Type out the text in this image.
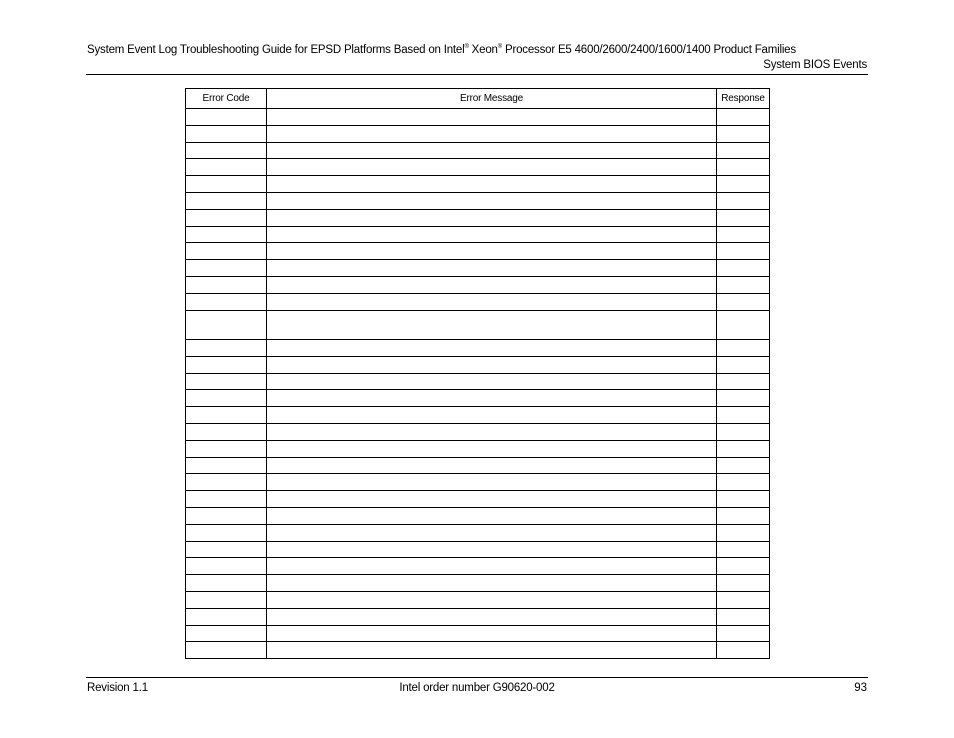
System Event Log Troubleshooting Guide for EPSD Platforms Based on Intel® Xeon® Processor E5 4600/2600/2400/1600/1400 Product Families
System BIOS Events
Error Code	Error Message	Response

Revision 1.1	Intel order number G90620-002	93
